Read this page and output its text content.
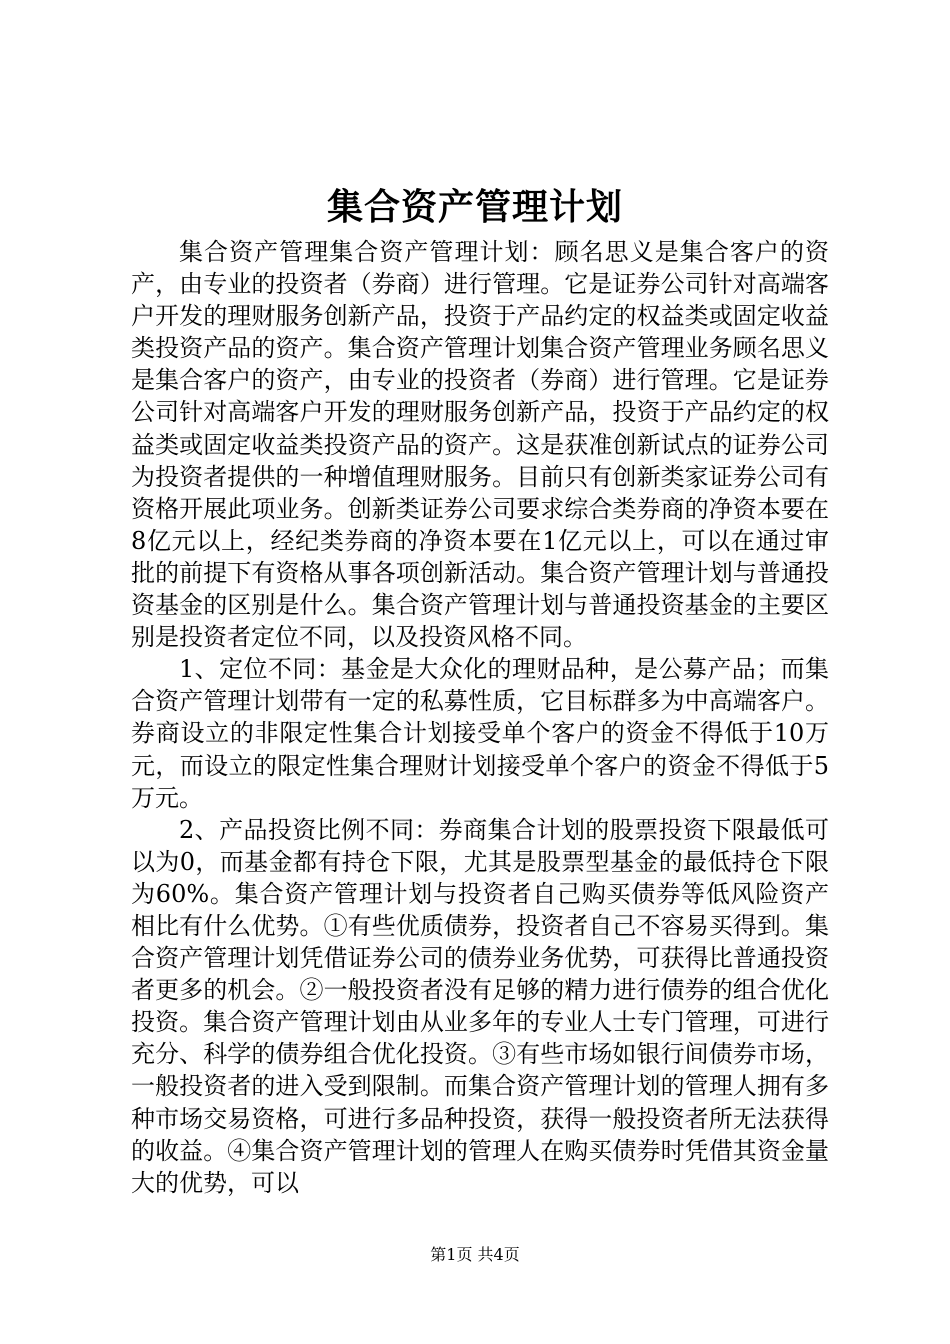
集合资产管理计划

集合资产管理集合资产管理计划：顾名思义是集合客户的资产，由专业的投资者（券商）进行管理。它是证券公司针对高端客户开发的理财服务创新产品，投资于产品约定的权益类或固定收益类投资产品的资产。集合资产管理计划集合资产管理业务顾名思义是集合客户的资产，由专业的投资者（券商）进行管理。它是证券公司针对高端客户开发的理财服务创新产品，投资于产品约定的权益类或固定收益类投资产品的资产。这是获准创新试点的证券公司为投资者提供的一种增值理财服务。目前只有创新类家证券公司有资格开展此项业务。创新类证券公司要求综合类券商的净资本要在8亿元以上，经纪类券商的净资本要在1亿元以上，可以在通过审批的前提下有资格从事各项创新活动。集合资产管理计划与普通投资基金的区别是什么。集合资产管理计划与普通投资基金的主要区别是投资者定位不同，以及投资风格不同。

1、定位不同：基金是大众化的理财品种，是公募产品；而集合资产管理计划带有一定的私募性质，它目标群多为中高端客户。券商设立的非限定性集合计划接受单个客户的资金不得低于10万元，而设立的限定性集合理财计划接受单个客户的资金不得低于5万元。

2、产品投资比例不同：券商集合计划的股票投资下限最低可以为0，而基金都有持仓下限，尤其是股票型基金的最低持仓下限为60%。集合资产管理计划与投资者自己购买债券等低风险资产相比有什么优势。①有些优质债券，投资者自己不容易买得到。集合资产管理计划凭借证券公司的债券业务优势，可获得比普通投资者更多的机会。②一般投资者没有足够的精力进行债券的组合优化投资。集合资产管理计划由从业多年的专业人士专门管理，可进行充分、科学的债券组合优化投资。③有些市场如银行间债券市场，一般投资者的进入受到限制。而集合资产管理计划的管理人拥有多种市场交易资格，可进行多品种投资，获得一般投资者所无法获得的收益。④集合资产管理计划的管理人在购买债券时凭借其资金量大的优势，可以

第1页 共4页
